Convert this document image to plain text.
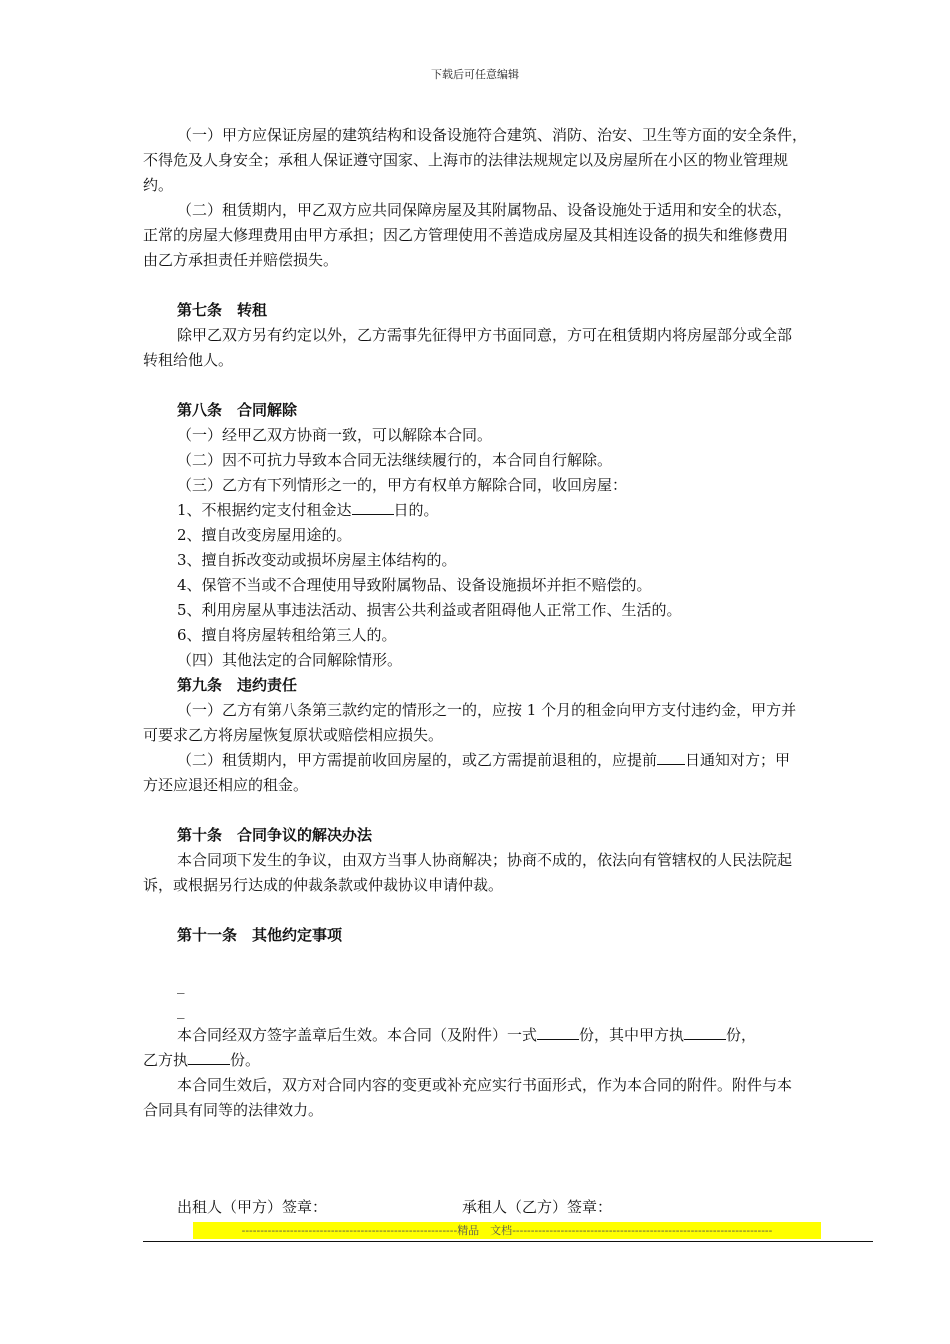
下载后可任意编辑
（一）甲方应保证房屋的建筑结构和设备设施符合建筑、消防、治安、卫生等方面的安全条件，
不得危及人身安全；承租人保证遵守国家、上海市的法律法规规定以及房屋所在小区的物业管理规
约。
（二）租赁期内，甲乙双方应共同保障房屋及其附属物品、设备设施处于适用和安全的状态，
正常的房屋大修理费用由甲方承担；因乙方管理使用不善造成房屋及其相连设备的损失和维修费用
由乙方承担责任并赔偿损失。
第七条　转租
除甲乙双方另有约定以外，乙方需事先征得甲方书面同意，方可在租赁期内将房屋部分或全部
转租给他人。
第八条　合同解除
（一）经甲乙双方协商一致，可以解除本合同。
（二）因不可抗力导致本合同无法继续履行的，本合同自行解除。
（三）乙方有下列情形之一的，甲方有权单方解除合同，收回房屋：
1、不根据约定支付租金达	日的。
2、擅自改变房屋用途的。
3、擅自拆改变动或损坏房屋主体结构的。
4、保管不当或不合理使用导致附属物品、设备设施损坏并拒不赔偿的。
5、利用房屋从事违法活动、损害公共利益或者阻碍他人正常工作、生活的。
6、擅自将房屋转租给第三人的。
（四）其他法定的合同解除情形。
第九条　违约责任
（一）乙方有第八条第三款约定的情形之一的，应按 1 个月的租金向甲方支付违约金，甲方并
可要求乙方将房屋恢复原状或赔偿相应损失。
（二）租赁期内，甲方需提前收回房屋的，或乙方需提前退租的，应提前 日通知对方；甲
方还应退还相应的租金。
第十条　合同争议的解决办法
本合同项下发生的争议，由双方当事人协商解决；协商不成的，依法向有管辖权的人民法院起
诉，或根据另行达成的仲裁条款或仲裁协议申请仲裁。
第十一条　其他约定事项
_
_
本合同经双方签字盖章后生效。本合同（及附件）一式	份，其中甲方执	份，
乙方执	份。
本合同生效后，双方对合同内容的变更或补充应实行书面形式，作为本合同的附件。附件与本
合同具有同等的法律效力。
出租人（甲方）签章：	承租人（乙方）签章：
----------------------------------------------------------精品　文档----------------------------------------------------------------------
